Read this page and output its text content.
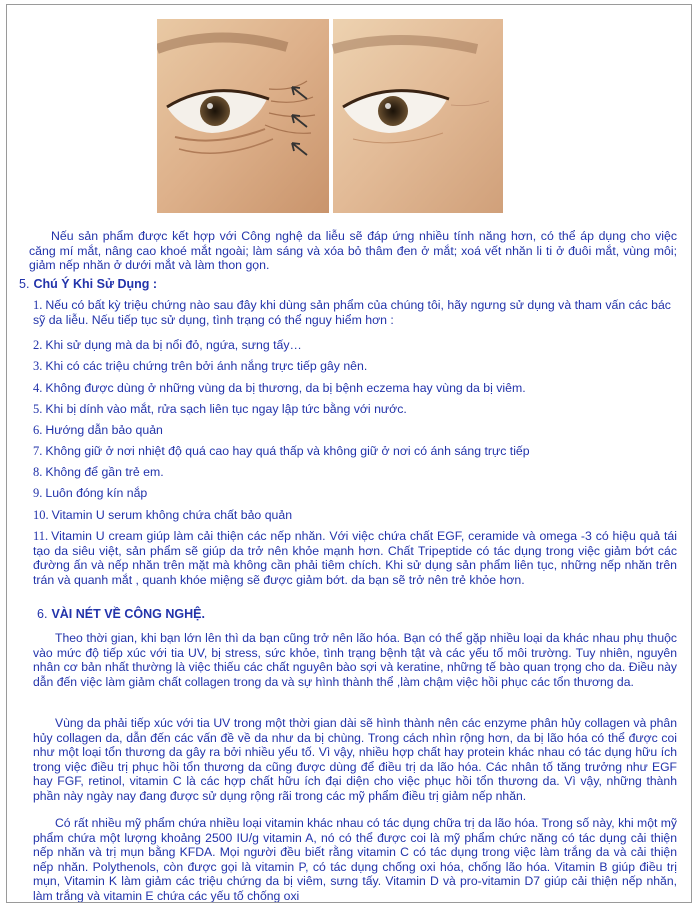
Nếu sản phẩm được kết hợp với Công nghệ da liễu sẽ đáp ứng nhiều tính năng hơn, có thể áp dụng cho việc căng mí mắt, nâng cao khoé mắt ngoài; làm sáng và xóa bỏ thâm đen ở mắt; xoá vết nhăn li ti ở đuôi mắt, vùng môi; giảm nếp nhăn ở dưới mắt và làm thon gọn.
5. Chú Ý Khi Sử Dụng :
1. Nếu có bất kỳ triệu chứng nào sau đây khi dùng sản phẩm của chúng tôi, hãy ngưng sử dụng và tham vấn các bác sỹ da liễu. Nếu tiếp tục sử dụng, tình trạng có thể nguy hiểm hơn :
2. Khi sử dụng mà da bị nổi đỏ, ngứa, sưng tấy…
3. Khi có các triệu chứng trên bởi ánh nắng trực tiếp gây nên.
4. Không được dùng ở những vùng da bị thương, da bị bệnh eczema hay vùng da bị viêm.
5. Khi bị dính vào mắt, rửa sạch liên tục ngay lập tức bằng với nước.
6. Hướng dẫn bảo quản
7. Không giữ ở nơi nhiệt độ quá cao hay quá thấp và không giữ ở nơi có ánh sáng trực tiếp
8. Không để gần trẻ em.
9. Luôn đóng kín nắp
10. Vitamin U serum không chứa chất bảo quản
11. Vitamin U cream giúp làm cải thiện các nếp nhăn. Với việc chứa chất EGF, ceramide và omega -3 có hiệu quả tái tạo da siêu việt, sản phẩm sẽ giúp da trở nên khỏe mạnh hơn. Chất Tripeptide có tác dụng trong việc giảm bớt các đường ấn và nếp nhăn trên mặt mà không cần phải tiêm chích. Khi sử dụng sản phẩm liên tục, những nếp nhăn trên trán và quanh mắt , quanh khóe miệng sẽ được giảm bớt. da bạn sẽ trở nên trẻ khỏe hơn.
6. VÀI NÉT VỀ CÔNG NGHỆ.
Theo thời gian, khi bạn lớn lên thì da bạn cũng trở nên lão hóa. Bạn có thể gặp nhiều loại da khác nhau phụ thuộc vào mức độ tiếp xúc với tia UV, bị stress, sức khỏe, tình trạng bệnh tật và các yếu tố môi trường. Tuy nhiên, nguyên nhân cơ bản nhất thường là việc thiếu các chất nguyên bào sợi và keratine, những tế bào quan trọng cho da. Điều này dẫn đến việc làm giảm chất collagen trong da và sự hình thành thể ,làm chậm việc hồi phục các tổn thương da.
Vùng da phải tiếp xúc với tia UV trong một thời gian dài sẽ hình thành nên các enzyme phân hủy collagen và phân hủy collagen da, dẫn đến các vấn đề về da như da bị chùng. Trong cách nhìn rộng hơn, da bị lão hóa có thể được coi như một loại tổn thương da gây ra bởi nhiều yếu tố. Vì vậy, nhiều hợp chất hay protein khác nhau có tác dụng hữu ích trong việc điều trị phục hồi tổn thương da cũng được dùng để điều trị da lão hóa. Các nhân tố tăng trưởng như EGF hay FGF, retinol, vitamin C là các hợp chất hữu ích đại diện cho việc phục hồi tổn thương da. Vì vậy, những thành phần này ngày nay đang được sử dụng rộng rãi trong các mỹ phẩm điều trị giảm nếp nhăn.
Có rất nhiều mỹ phẩm chứa nhiều loại vitamin khác nhau có tác dụng chữa trị da lão hóa. Trong số này, khi một mỹ phẩm chứa một lượng khoảng 2500 IU/g vitamin A, nó có thể được coi là mỹ phẩm chức năng có tác dụng cải thiện nếp nhăn và trị mụn bằng KFDA. Mọi người đều biết rằng vitamin C có tác dụng trong việc làm trắng da và cải thiện nếp nhăn. Polythenols, còn được gọi là vitamin P, có tác dụng chống oxi hóa, chống lão hóa. Vitamin B giúp điều trị mụn, Vitamin K làm giảm các triệu chứng da bị viêm, sưng tấy. Vitamin D và pro-vitamin D7 giúp cải thiện nếp nhăn, làm trắng và vitamin E chứa các yếu tố chống oxi
